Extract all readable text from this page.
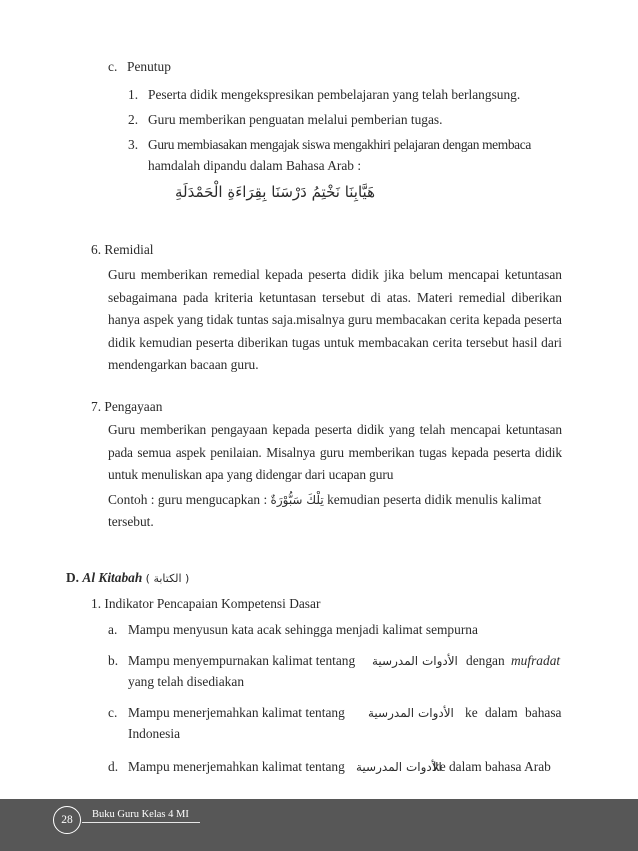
c. Penutup
1. Peserta didik mengekspresikan pembelajaran yang telah berlangsung.
2. Guru memberikan penguatan melalui pemberian tugas.
3. Guru membiasakan mengajak siswa mengakhiri pelajaran dengan membaca
hamdalah dipandu dalam Bahasa Arab :
هَيَّابِنَا نَخْتِمُ دَرْسَنَا بِقِرَاءَةِ الْحَمْدَلَةِ
6. Remidial
Guru memberikan remedial kepada peserta didik jika belum mencapai ketuntasan sebagaimana pada kriteria ketuntasan tersebut di atas. Materi remedial diberikan hanya aspek yang tidak tuntas saja.misalnya guru membacakan cerita kepada peserta didik kemudian peserta diberikan tugas untuk membacakan cerita tersebut hasil dari mendengarkan bacaan guru.
7. Pengayaan
Guru memberikan pengayaan kepada peserta didik yang telah mencapai ketuntasan pada semua aspek penilaian. Misalnya guru memberikan tugas kepada peserta didik untuk menuliskan apa yang didengar dari ucapan guru
Contoh : guru mengucapkan : تِلْكَ سَبُّوْرَةٌ kemudian peserta didik menulis kalimat
tersebut.
D. Al Kitabah ( الكتابة )
1. Indikator Pencapaian Kompetensi Dasar
a. Mampu menyusun kata acak sehingga menjadi kalimat sempurna
b. Mampu menyempurnakan kalimat tentang الأدوات المدرسية dengan mufradat
yang telah disediakan
c. Mampu menerjemahkan kalimat tentang الأدوات المدرسية ke dalam bahasa
Indonesia
d. Mampu menerjemahkan kalimat tentang الأدوات المدرسية
ke dalam bahasa Arab
Buku Guru Kelas 4 MI
28
